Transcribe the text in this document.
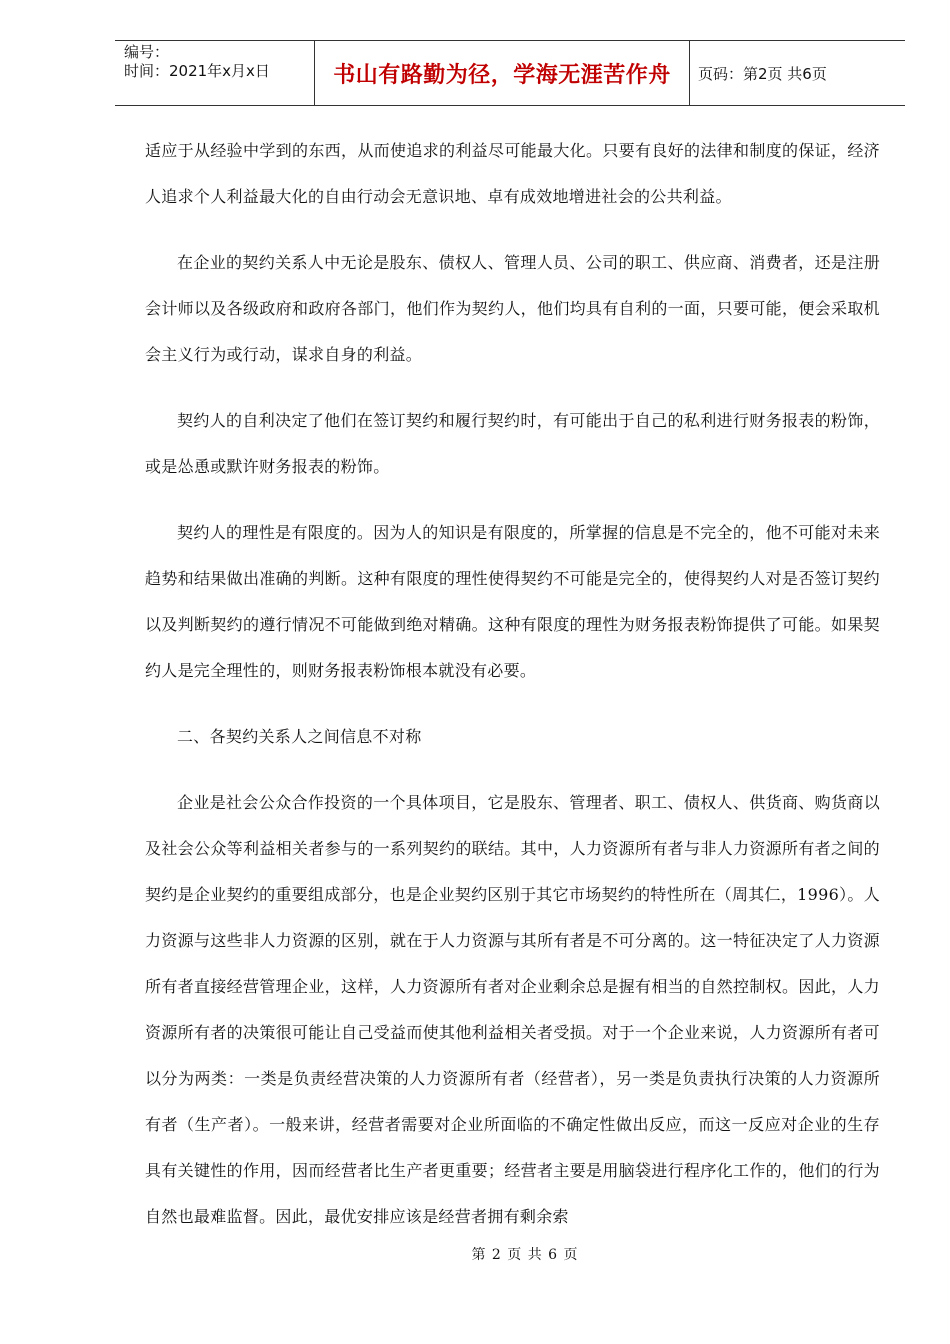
编号：
时间：2021年x月x日	书山有路勤为径，学海无涯苦作舟	页码：第2页 共6页

适应于从经验中学到的东西，从而使追求的利益尽可能最大化。只要有良好的法律和制度的保证，经济人追求个人利益最大化的自由行动会无意识地、卓有成效地增进社会的公共利益。

在企业的契约关系人中无论是股东、债权人、管理人员、公司的职工、供应商、消费者，还是注册会计师以及各级政府和政府各部门，他们作为契约人，他们均具有自利的一面，只要可能，便会采取机会主义行为或行动，谋求自身的利益。

契约人的自利决定了他们在签订契约和履行契约时，有可能出于自己的私利进行财务报表的粉饰，或是怂恿或默许财务报表的粉饰。

契约人的理性是有限度的。因为人的知识是有限度的，所掌握的信息是不完全的，他不可能对未来趋势和结果做出准确的判断。这种有限度的理性使得契约不可能是完全的，使得契约人对是否签订契约以及判断契约的遵行情况不可能做到绝对精确。这种有限度的理性为财务报表粉饰提供了可能。如果契约人是完全理性的，则财务报表粉饰根本就没有必要。

二、各契约关系人之间信息不对称

企业是社会公众合作投资的一个具体项目，它是股东、管理者、职工、债权人、供货商、购货商以及社会公众等利益相关者参与的一系列契约的联结。其中，人力资源所有者与非人力资源所有者之间的契约是企业契约的重要组成部分，也是企业契约区别于其它市场契约的特性所在（周其仁，1996）。人力资源与这些非人力资源的区别，就在于人力资源与其所有者是不可分离的。这一特征决定了人力资源所有者直接经营管理企业，这样，人力资源所有者对企业剩余总是握有相当的自然控制权。因此，人力资源所有者的决策很可能让自己受益而使其他利益相关者受损。对于一个企业来说，人力资源所有者可以分为两类：一类是负责经营决策的人力资源所有者（经营者），另一类是负责执行决策的人力资源所有者（生产者）。一般来讲，经营者需要对企业所面临的不确定性做出反应，而这一反应对企业的生存具有关键性的作用，因而经营者比生产者更重要；经营者主要是用脑袋进行程序化工作的，他们的行为自然也最难监督。因此，最优安排应该是经营者拥有剩余索

第 2 页 共 6 页
